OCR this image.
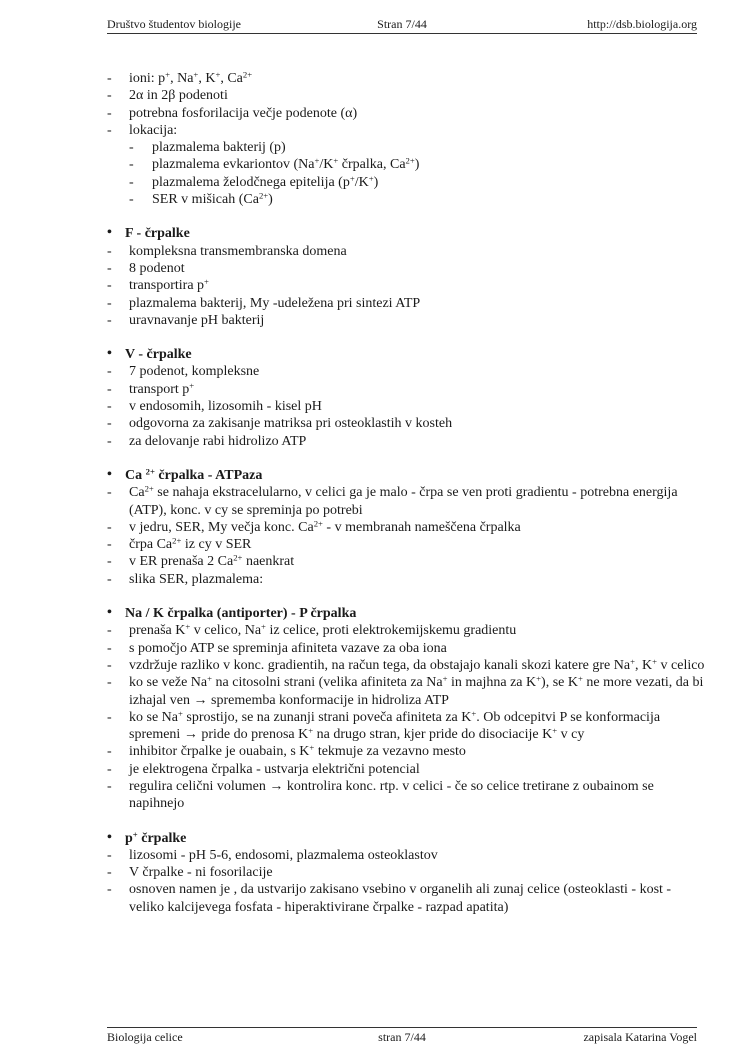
Društvo študentov biologije	Stran 7/44	http://dsb.biologija.org
-	ioni: p+, Na+, K+, $Ca^{2+}$
-	2α in 2β podenoti
-	potrebna fosforilacija večje podenote (α)
-	lokacija:
-	plazmalema bakterij (p)
-	plazmalema evkariontov (Na+/K+ črpalka, $Ca^{2+}$)
-	plazmalema želodčnega epitelija (p+/K+)
-	SER v mišicah $(Ca^{2+})$
• F - črpalke
-	kompleksna transmembranska domena
-	8 podenot
-	transportira p+
-	plazmalema bakterij, My -udeležena pri sintezi ATP
-	uravnavanje pH bakterij
• V - črpalke
-	7 podenot, kompleksne
-	transport p+
-	v endosomih, lizosomih - kisel pH
-	odgovorna za zakisanje matriksa pri osteoklastih v kosteh
-	za delovanje rabi hidrolizo ATP
• Ca $^{2+}$ črpalka - ATPaza
-	$Ca^{2+}$ se nahaja ekstracelularno, v celici ga je malo - črpa se ven proti gradientu - potrebna energija (ATP), konc. v cy se spreminja po potrebi
-	v jedru, SER, My večja konc. $Ca^{2+}$ - v membranah nameščena črpalka
-	črpa $Ca^{2+}$ iz cy v SER
-	v ER prenaša 2 $Ca^{2+}$ naenkrat
-	slika SER, plazmalema:
• Na / K črpalka (antiporter) - P črpalka
-	prenaša K+ v celico, Na+ iz celice, proti elektrokemijskemu gradientu
-	s pomočjo ATP se spreminja afiniteta vazave za oba iona
-	vzdržuje razliko v konc. gradientih, na račun tega, da obstajajo kanali skozi katere gre Na+, K+ v celico
-	ko se veže Na+ na citosolni strani (velika afiniteta za Na+ in majhna za K+), se K+ ne more vezati, da bi izhajal ven → sprememba konformacije in hidroliza ATP
-	ko se Na+ sprostijo, se na zunanji strani poveča afiniteta za K+. Ob odcepitvi P se konformacija spremeni → pride do prenosa K+ na drugo stran, kjer pride do disociacije K+ v cy
-	inhibitor črpalke je ouabain, s K+ tekmuje za vezavno mesto
-	je elektrogena črpalka - ustvarja električni potencial
-	regulira celični volumen → kontrolira konc. rtp. v celici - če so celice tretirane z oubainom se napihnejo
• p+ črpalke
-	lizosomi - pH 5-6, endosomi, plazmalema osteoklastov
-	V črpalke - ni fosorilacije
-	osnoven namen je , da ustvarijo zakisano vsebino v organelih ali zunaj celice (osteoklasti - kost - veliko kalcijevega fosfata - hiperaktivirane črpalke - razpad apatita)
Biologija celice	stran 7/44	zapisala Katarina Vogel
